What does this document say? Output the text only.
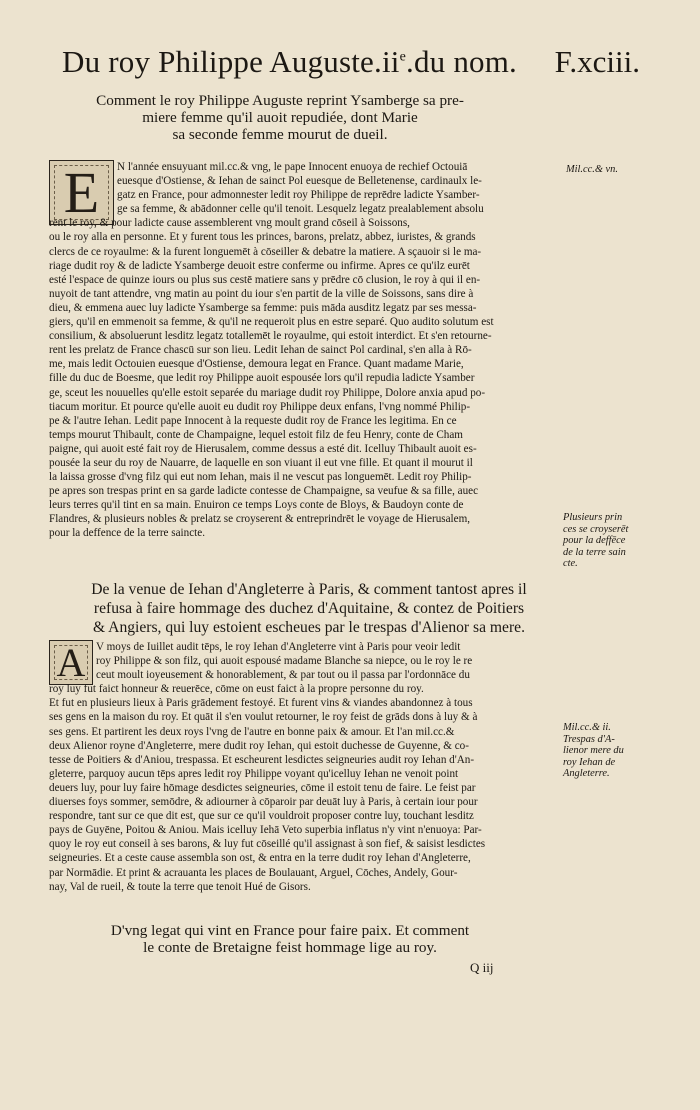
Du roy Philippe $Auguste.ii^e.du$ nom. F.xciii.
Comment le roy Philippe Auguste reprint Ysamberge sa pre-
miere femme qu'il auoit repudiée, dont Marie
sa seconde femme mourut de dueil.
E	N l'année ensuyuant mil.cc.& vng, le pape Innocent enuoya de rechief Octouiā
euesque d'Ostiense, & Iehan de sainct Pol euesque de Belletenense, cardinaulx le-
gatz en France, pour admonnester ledit roy Philippe de reprēdre ladicte Ysamber-
ge sa femme, & abādonner celle qu'il tenoit. Lesquelz legatz prealablement absolu
rent le roy, & pour ladicte cause assemblerent vng moult grand cōseil à Soissons,
ou le roy alla en personne. Et y furent tous les princes, barons, prelatz, abbez, iuristes, & grands
clercs de ce royaulme: & la furent longuemēt à cōseiller & debatre la matiere. A sçauoir si le ma-
riage dudit roy & de ladicte Ysamberge deuoit estre conferme ou infirme. Apres ce qu'ilz eurēt
esté l'espace de quinze iours ou plus sus cestē matiere sans y prēdre cō clusion, le roy à qui il en-
nuyoit de tant attendre, vng matin au point du iour s'en partit de la ville de Soissons, sans dire à
dieu, & emmena auec luy ladicte Ysamberge sa femme: puis māda ausditz legatz par ses messa-
giers, qu'il en emmenoit sa femme, & qu'il ne requeroit plus en estre separé. Quo audito solutum est
consilium, & absoluerunt lesditz legatz totallemēt le royaulme, qui estoit interdict. Et s'en retourne-
rent les prelatz de France chascū sur son lieu. Ledit Iehan de sainct Pol cardinal, s'en alla à Rō-
me, mais ledit Octouien euesque d'Ostiense, demoura legat en France. Quant madame Marie,
fille du duc de Boesme, que ledit roy Philippe auoit espousée lors qu'il repudia ladicte Ysamber
ge, sceut les nouuelles qu'elle estoit separée du mariage dudit roy Philippe, Dolore anxia apud po-
tiacum moritur. Et pource qu'elle auoit eu dudit roy Philippe deux enfans, l'vng nommé Philip-
pe & l'autre Iehan. Ledit pape Innocent à la requeste dudit roy de France les legitima. En ce
temps mourut Thibault, conte de Champaigne, lequel estoit filz de feu Henry, conte de Cham
paigne, qui auoit esté fait roy de Hierusalem, comme dessus a esté dit. Icelluy Thibault auoit es-
pousée la seur du roy de Nauarre, de laquelle en son viuant il eut vne fille. Et quant il mourut il
la laissa grosse d'vng filz qui eut nom Iehan, mais il ne vescut pas longuemēt. Ledit roy Philip-
pe apres son trespas print en sa garde ladicte contesse de Champaigne, sa veufue & sa fille, auec
leurs terres qu'il tint en sa main. Enuiron ce temps Loys conte de Bloys, & Baudoyn conte de
Flandres, & plusieurs nobles & prelatz se croyserent & entreprindrēt le voyage de Hierusalem,
pour la deffence de la terre saincte.
De la venue de Iehan d'Angleterre à Paris, & comment tantost apres il
refusa à faire hommage des duchez d'Aquitaine, & contez de Poitiers
& Angiers, qui luy estoient escheues par le trespas d'Alienor sa mere.
A V moys de Iuillet audit tēps, le roy Iehan d'Angleterre vint à Paris pour veoir ledit
roy Philippe & son filz, qui auoit espousé madame Blanche sa niepce, ou le roy le re
ceut moult ioyeusement & honorablement, & par tout ou il passa par l'ordonnāce du
roy luy fut faict honneur & reuerēce, cōme on eust faict à la propre personne du roy.
Et fut en plusieurs lieux à Paris grādement festoyé. Et furent vins & viandes abandonnez à tous
ses gens en la maison du roy. Et quāt il s'en voulut retourner, le roy feist de grāds dons à luy & à
ses gens. Et partirent les deux roys l'vng de l'autre en bonne paix & amour. Et l'an mil.cc.&
deux Alienor royne d'Angleterre, mere dudit roy Iehan, qui estoit duchesse de Guyenne, & co-
tesse de Poitiers & d'Aniou, trespassa. Et escheurent lesdictes seigneuries audit roy Iehan d'An-
gleterre, parquoy aucun tēps apres ledit roy Philippe voyant qu'icelluy Iehan ne venoit point
deuers luy, pour luy faire hōmage desdictes seigneuries, cōme il estoit tenu de faire. Le feist par
diuerses foys sommer, semōdre, & adiourner à cōparoir par deuāt luy à Paris, à certain iour pour
respondre, tant sur ce que dit est, que sur ce qu'il vouldroit proposer contre luy, touchant lesditz
pays de Guyēne, Poitou & Aniou. Mais icelluy Iehā Veto superbia inflatus n'y vint n'enuoya: Par-
quoy le roy eut conseil à ses barons, & luy fut cōseillé qu'il assignast à son fief, & saisist lesdictes
seigneuries. Et a ceste cause assembla son ost, & entra en la terre dudit roy Iehan d'Angleterre,
par Normādie. Et print & acrauanta les places de Boulauant, Arguel, Cōches, Andely, Gour-
nay, Val de rueil, & toute la terre que tenoit Hué de Gisors.
D'vng legat qui vint en France pour faire paix. Et comment
le conte de Bretaigne feist hommage lige au roy.
Mil.cc.& vn.
Plusieurs prin
ces se croyserēt
pour la deffēce
de la terre sain
cte.
Mil.cc.& ii.
Trespas d'A-
lienor mere du
roy Iehan de
Angleterre.
Q iij
